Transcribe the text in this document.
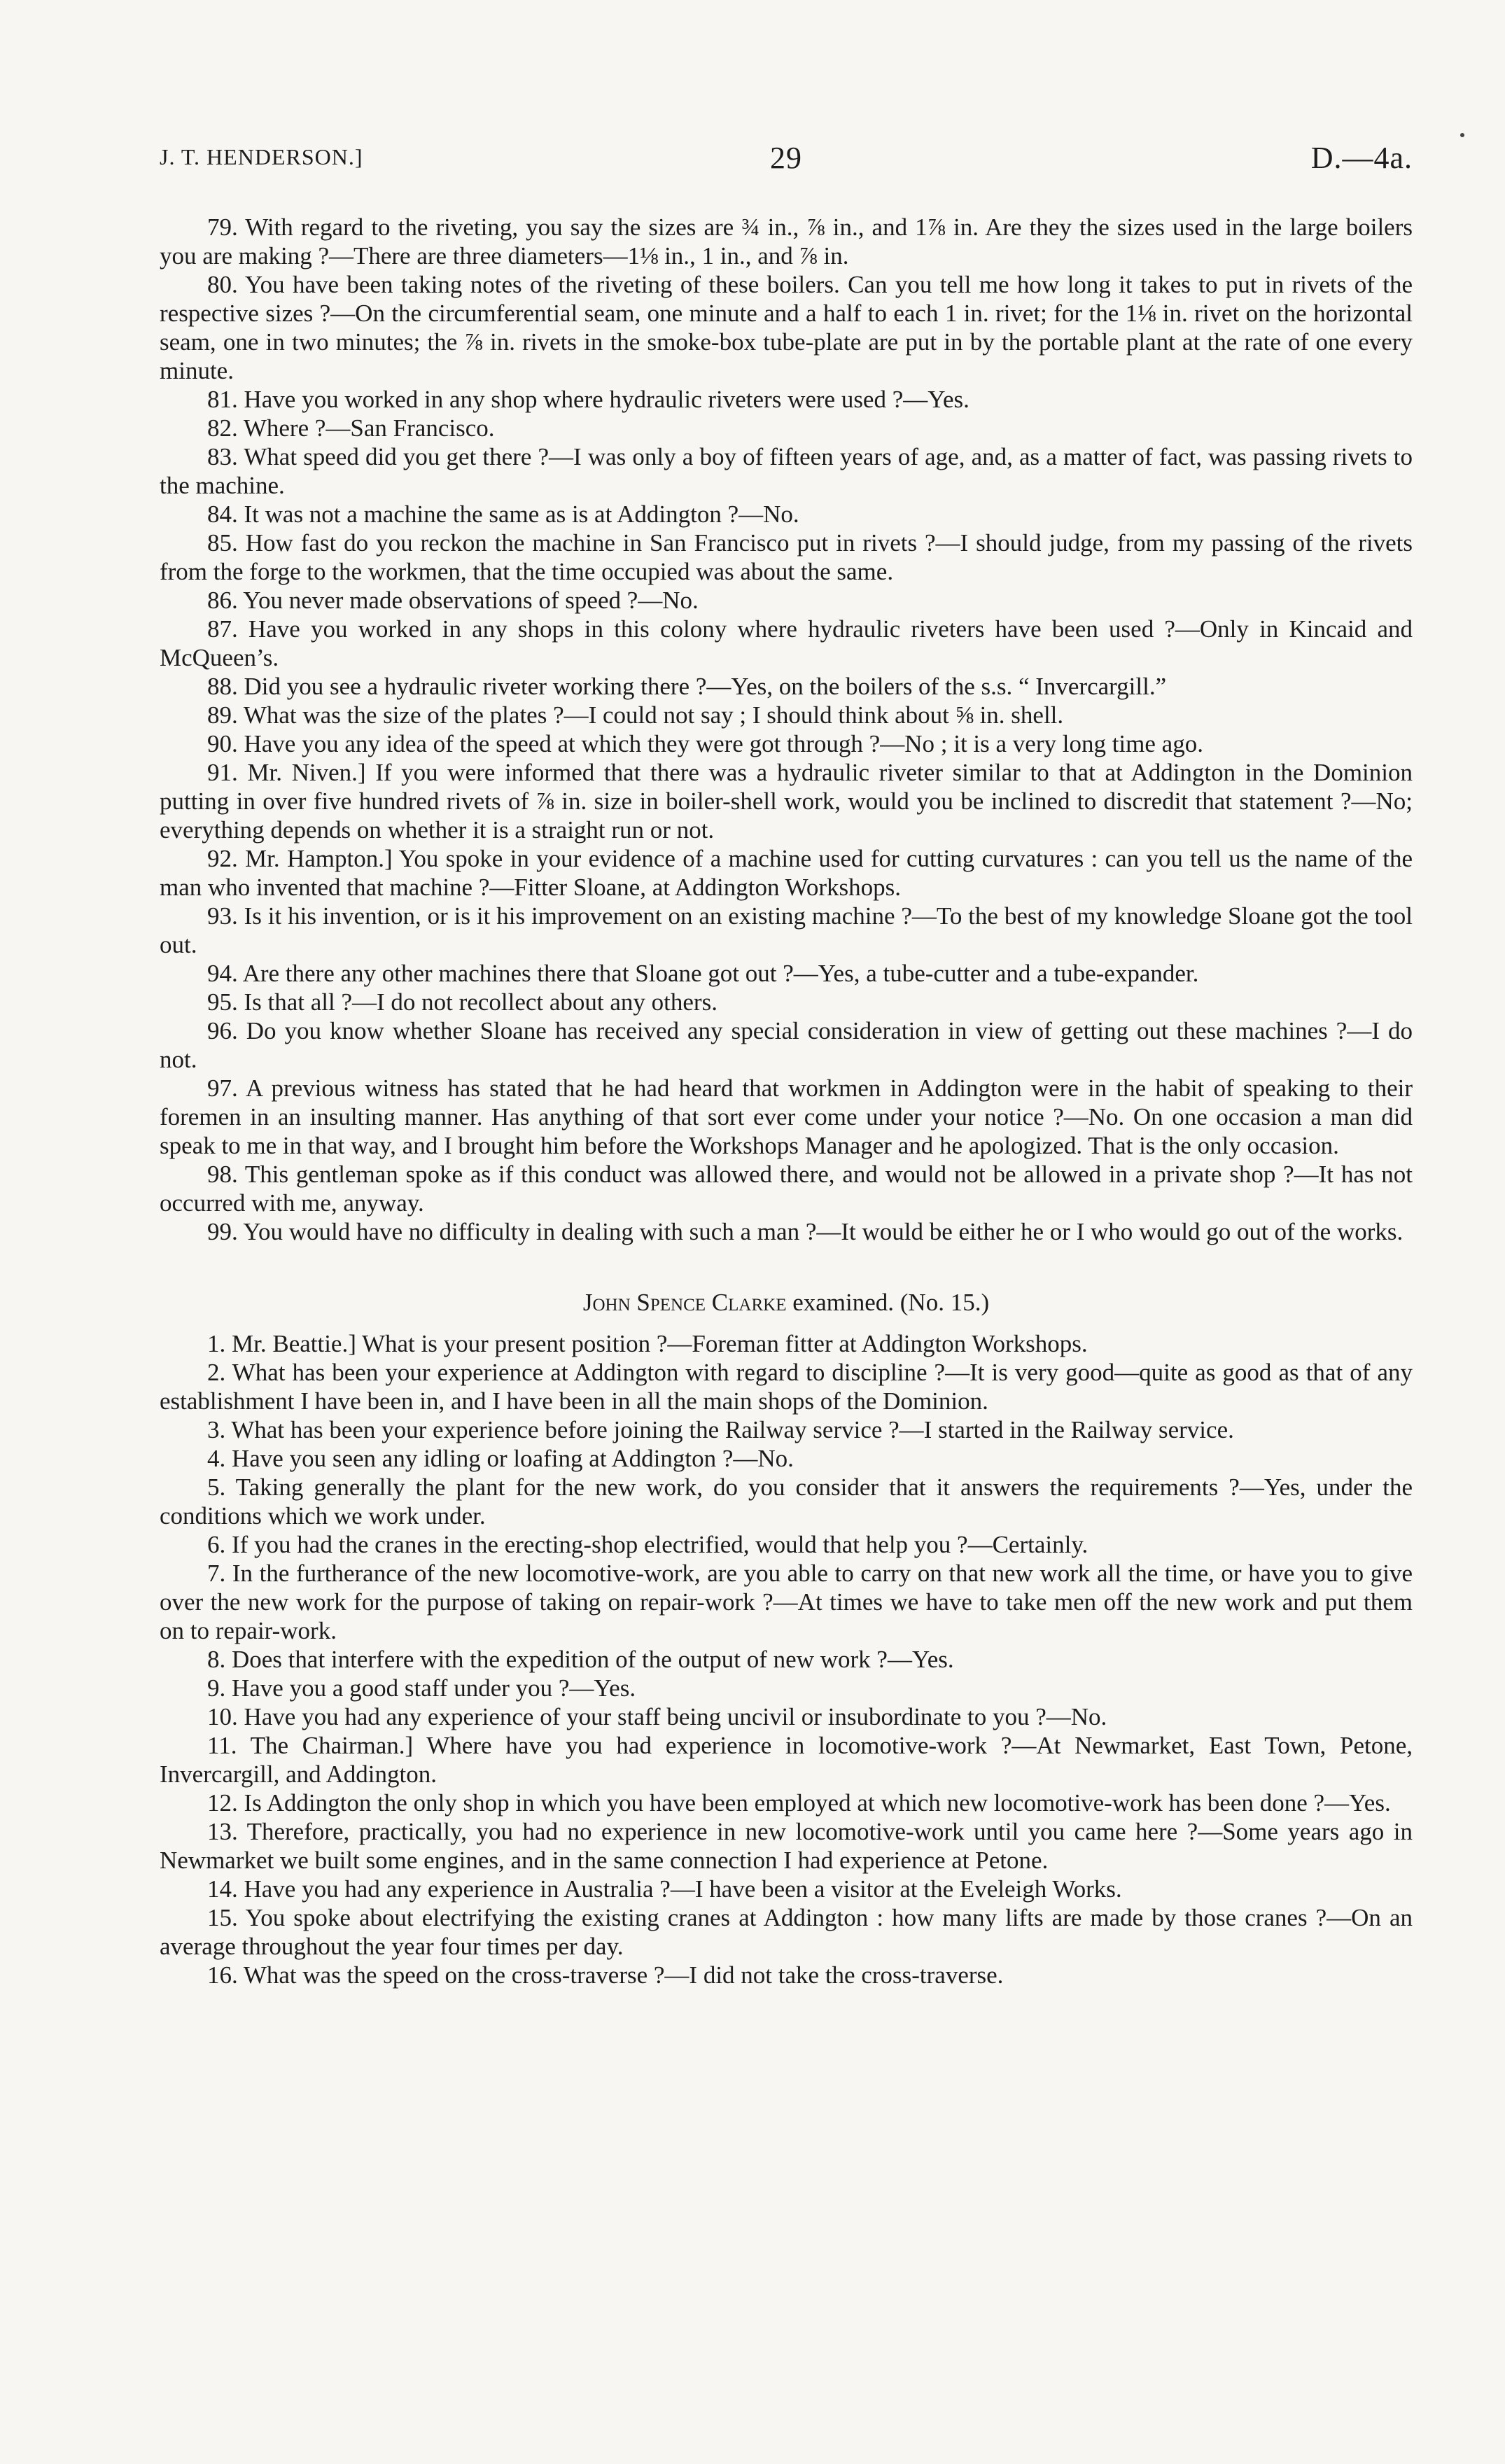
J. T. HENDERSON.]	29	D.—4a.

79. With regard to the riveting, you say the sizes are ¾ in., ⅞ in., and 1⅞ in. Are they the sizes used in the large boilers you are making ?—There are three diameters—1⅛ in., 1 in., and ⅞ in.

80. You have been taking notes of the riveting of these boilers. Can you tell me how long it takes to put in rivets of the respective sizes ?—On the circumferential seam, one minute and a half to each 1 in. rivet; for the 1⅛ in. rivet on the horizontal seam, one in two minutes; the ⅞ in. rivets in the smoke-box tube-plate are put in by the portable plant at the rate of one every minute.

81. Have you worked in any shop where hydraulic riveters were used ?—Yes.

82. Where ?—San Francisco.

83. What speed did you get there ?—I was only a boy of fifteen years of age, and, as a matter of fact, was passing rivets to the machine.

84. It was not a machine the same as is at Addington ?—No.

85. How fast do you reckon the machine in San Francisco put in rivets ?—I should judge, from my passing of the rivets from the forge to the workmen, that the time occupied was about the same.

86. You never made observations of speed ?—No.

87. Have you worked in any shops in this colony where hydraulic riveters have been used ?—Only in Kincaid and McQueen’s.

88. Did you see a hydraulic riveter working there ?—Yes, on the boilers of the s.s. “ Invercargill.”

89. What was the size of the plates ?—I could not say ; I should think about ⅝ in. shell.

90. Have you any idea of the speed at which they were got through ?—No ; it is a very long time ago.

91. Mr. Niven.] If you were informed that there was a hydraulic riveter similar to that at Addington in the Dominion putting in over five hundred rivets of ⅞ in. size in boiler-shell work, would you be inclined to discredit that statement ?—No; everything depends on whether it is a straight run or not.

92. Mr. Hampton.] You spoke in your evidence of a machine used for cutting curvatures : can you tell us the name of the man who invented that machine ?—Fitter Sloane, at Addington Workshops.

93. Is it his invention, or is it his improvement on an existing machine ?—To the best of my knowledge Sloane got the tool out.

94. Are there any other machines there that Sloane got out ?—Yes, a tube-cutter and a tube-expander.

95. Is that all ?—I do not recollect about any others.

96. Do you know whether Sloane has received any special consideration in view of getting out these machines ?—I do not.

97. A previous witness has stated that he had heard that workmen in Addington were in the habit of speaking to their foremen in an insulting manner. Has anything of that sort ever come under your notice ?—No. On one occasion a man did speak to me in that way, and I brought him before the Workshops Manager and he apologized. That is the only occasion.

98. This gentleman spoke as if this conduct was allowed there, and would not be allowed in a private shop ?—It has not occurred with me, anyway.

99. You would have no difficulty in dealing with such a man ?—It would be either he or I who would go out of the works.

John Spence Clarke examined. (No. 15.)

1. Mr. Beattie.] What is your present position ?—Foreman fitter at Addington Workshops.

2. What has been your experience at Addington with regard to discipline ?—It is very good—quite as good as that of any establishment I have been in, and I have been in all the main shops of the Dominion.

3. What has been your experience before joining the Railway service ?—I started in the Railway service.

4. Have you seen any idling or loafing at Addington ?—No.

5. Taking generally the plant for the new work, do you consider that it answers the requirements ?—Yes, under the conditions which we work under.

6. If you had the cranes in the erecting-shop electrified, would that help you ?—Certainly.

7. In the furtherance of the new locomotive-work, are you able to carry on that new work all the time, or have you to give over the new work for the purpose of taking on repair-work ?—At times we have to take men off the new work and put them on to repair-work.

8. Does that interfere with the expedition of the output of new work ?—Yes.

9. Have you a good staff under you ?—Yes.

10. Have you had any experience of your staff being uncivil or insubordinate to you ?—No.

11. The Chairman.] Where have you had experience in locomotive-work ?—At Newmarket, East Town, Petone, Invercargill, and Addington.

12. Is Addington the only shop in which you have been employed at which new locomotive-work has been done ?—Yes.

13. Therefore, practically, you had no experience in new locomotive-work until you came here ?—Some years ago in Newmarket we built some engines, and in the same connection I had experience at Petone.

14. Have you had any experience in Australia ?—I have been a visitor at the Eveleigh Works.

15. You spoke about electrifying the existing cranes at Addington : how many lifts are made by those cranes ?—On an average throughout the year four times per day.

16. What was the speed on the cross-traverse ?—I did not take the cross-traverse.
